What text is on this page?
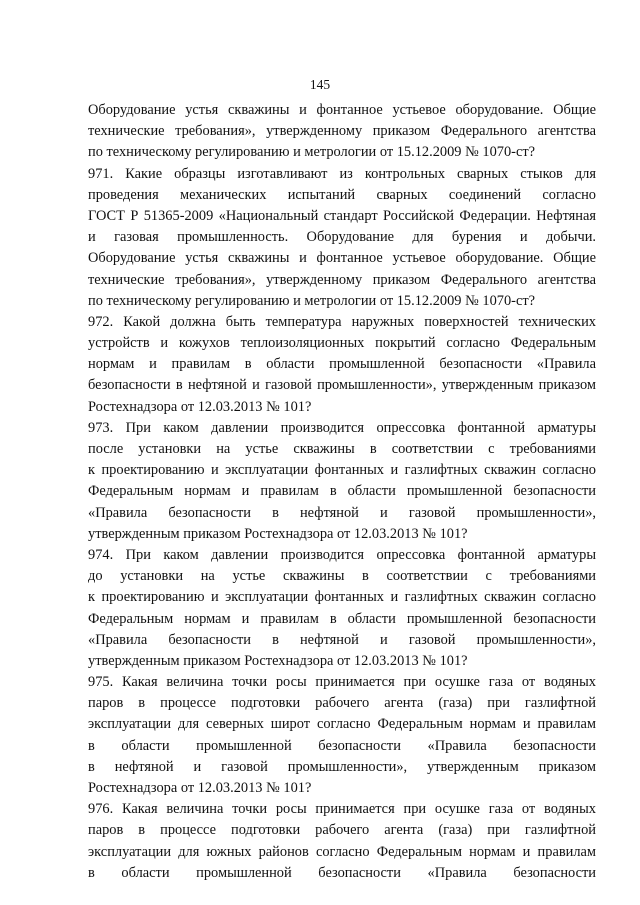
145
Оборудование устья скважины и фонтанное устьевое оборудование. Общие
технические требования», утвержденному приказом Федерального агентства
по техническому регулированию и метрологии от 15.12.2009 № 1070-ст?
971. Какие образцы изготавливают из контрольных сварных стыков для
проведения механических испытаний сварных соединений согласно
ГОСТ Р 51365-2009 «Национальный стандарт Российской Федерации. Нефтяная
и газовая промышленность. Оборудование для бурения и добычи.
Оборудование устья скважины и фонтанное устьевое оборудование. Общие
технические требования», утвержденному приказом Федерального агентства
по техническому регулированию и метрологии от 15.12.2009 № 1070-ст?
972. Какой должна быть температура наружных поверхностей технических
устройств и кожухов теплоизоляционных покрытий согласно Федеральным
нормам и правилам в области промышленной безопасности «Правила
безопасности в нефтяной и газовой промышленности», утвержденным приказом
Ростехнадзора от 12.03.2013 № 101?
973. При каком давлении производится опрессовка фонтанной арматуры
после установки на устье скважины в соответствии с требованиями
к проектированию и эксплуатации фонтанных и газлифтных скважин согласно
Федеральным нормам и правилам в области промышленной безопасности
«Правила безопасности в нефтяной и газовой промышленности»,
утвержденным приказом Ростехнадзора от 12.03.2013 № 101?
974. При каком давлении производится опрессовка фонтанной арматуры
до установки на устье скважины в соответствии с требованиями
к проектированию и эксплуатации фонтанных и газлифтных скважин согласно
Федеральным нормам и правилам в области промышленной безопасности
«Правила безопасности в нефтяной и газовой промышленности»,
утвержденным приказом Ростехнадзора от 12.03.2013 № 101?
975. Какая величина точки росы принимается при осушке газа от водяных
паров в процессе подготовки рабочего агента (газа) при газлифтной
эксплуатации для северных широт согласно Федеральным нормам и правилам
в области промышленной безопасности «Правила безопасности
в нефтяной и газовой промышленности», утвержденным приказом
Ростехнадзора от 12.03.2013 № 101?
976. Какая величина точки росы принимается при осушке газа от водяных
паров в процессе подготовки рабочего агента (газа) при газлифтной
эксплуатации для южных районов согласно Федеральным нормам и правилам
в области промышленной безопасности «Правила безопасности
